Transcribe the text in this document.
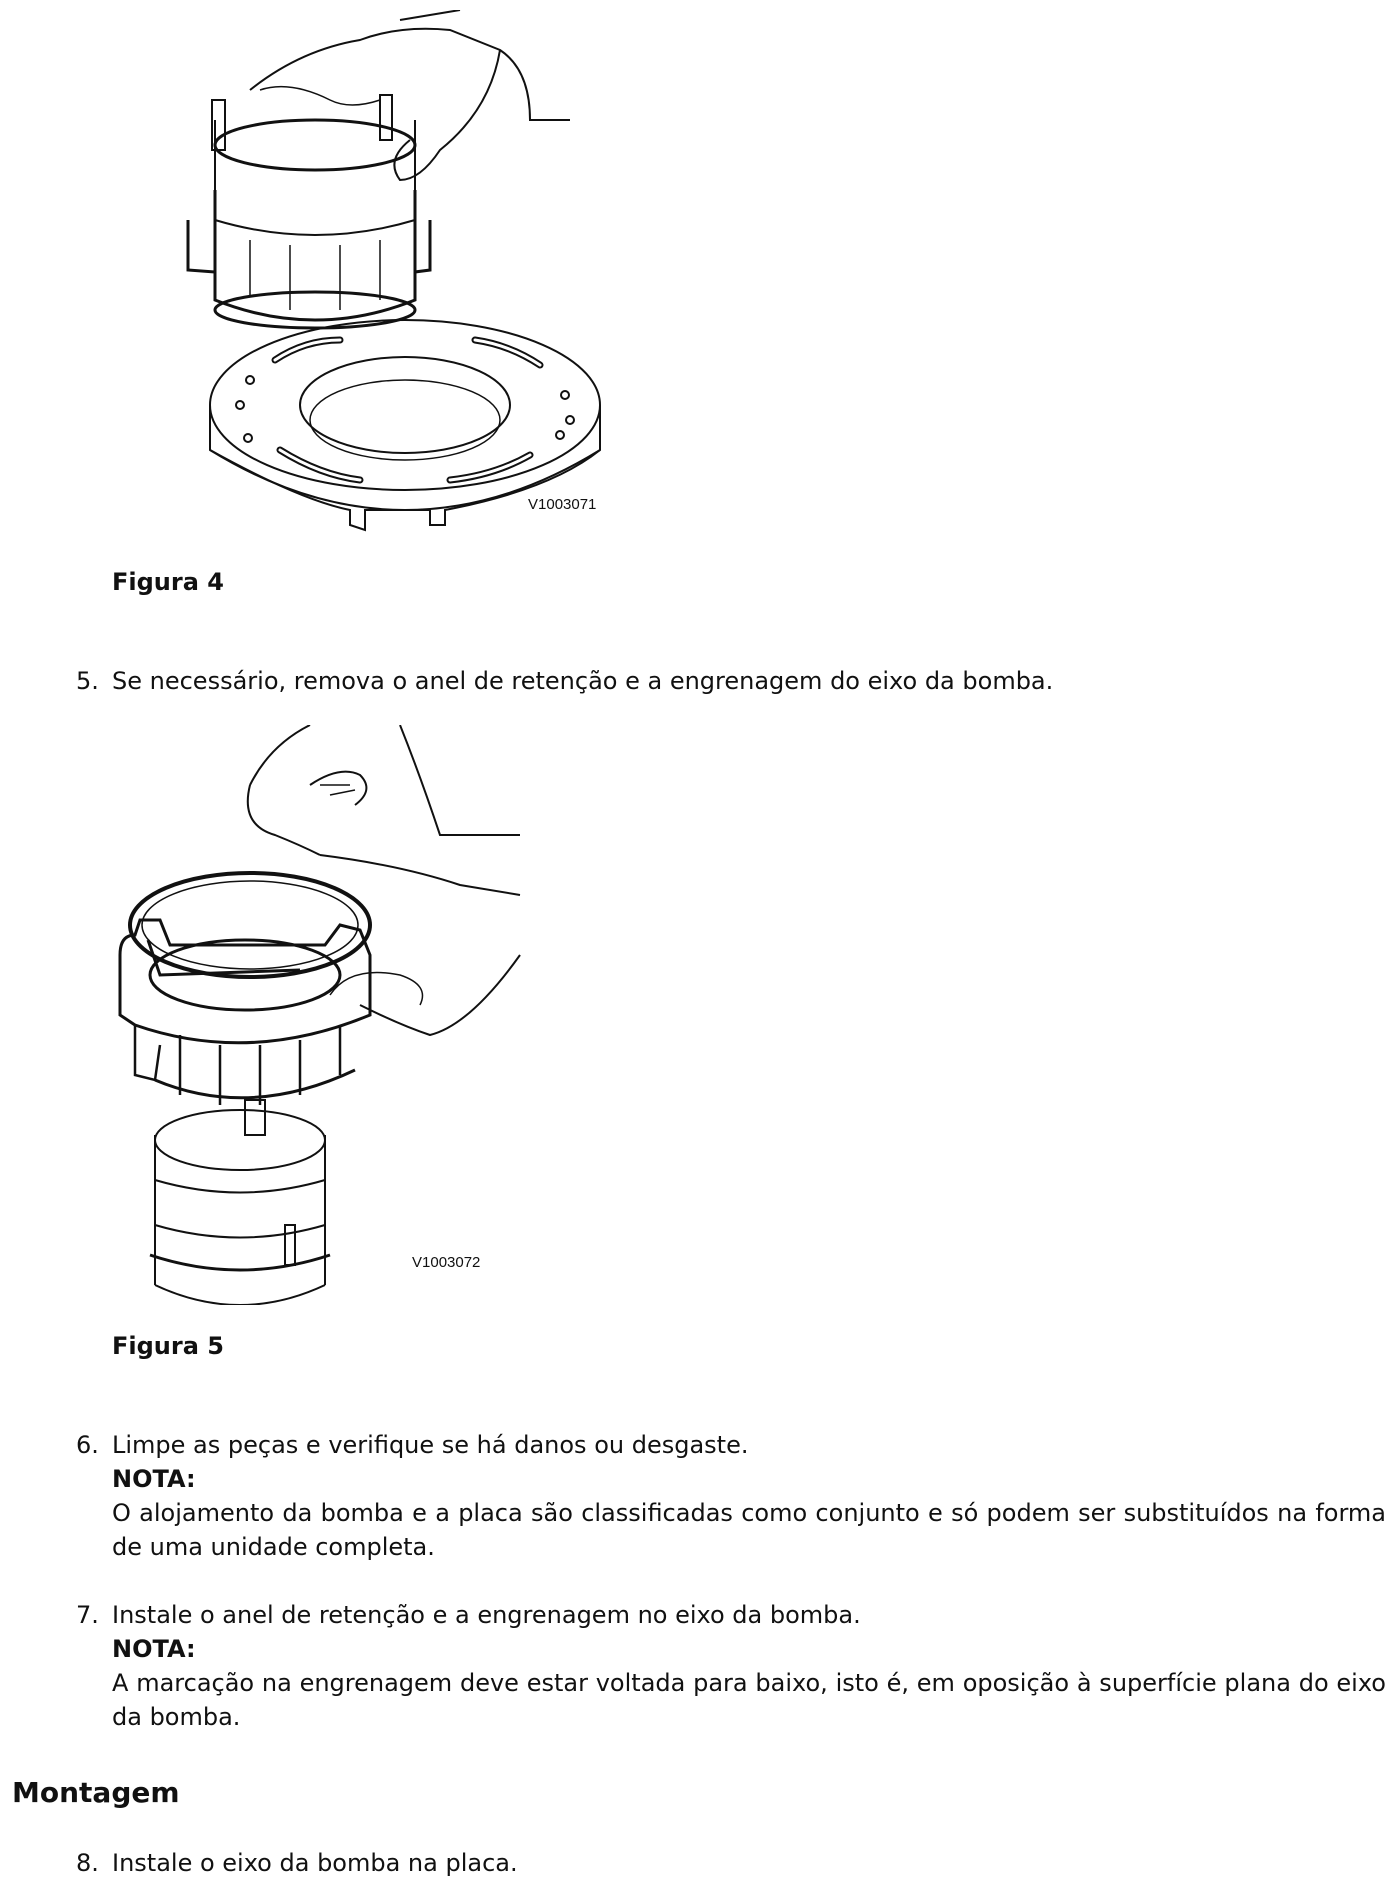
V1003071
Figura 4
5. Se necessário, remova o anel de retenção e a engrenagem do eixo da bomba.
V1003072
Figura 5
6. Limpe as peças e verifique se há danos ou desgaste.
NOTA:
O alojamento da bomba e a placa são classificadas como conjunto e só podem ser substituídos na forma de uma unidade completa.
7. Instale o anel de retenção e a engrenagem no eixo da bomba.
NOTA:
A marcação na engrenagem deve estar voltada para baixo, isto é, em oposição à superfície plana do eixo da bomba.
Montagem
8. Instale o eixo da bomba na placa.
